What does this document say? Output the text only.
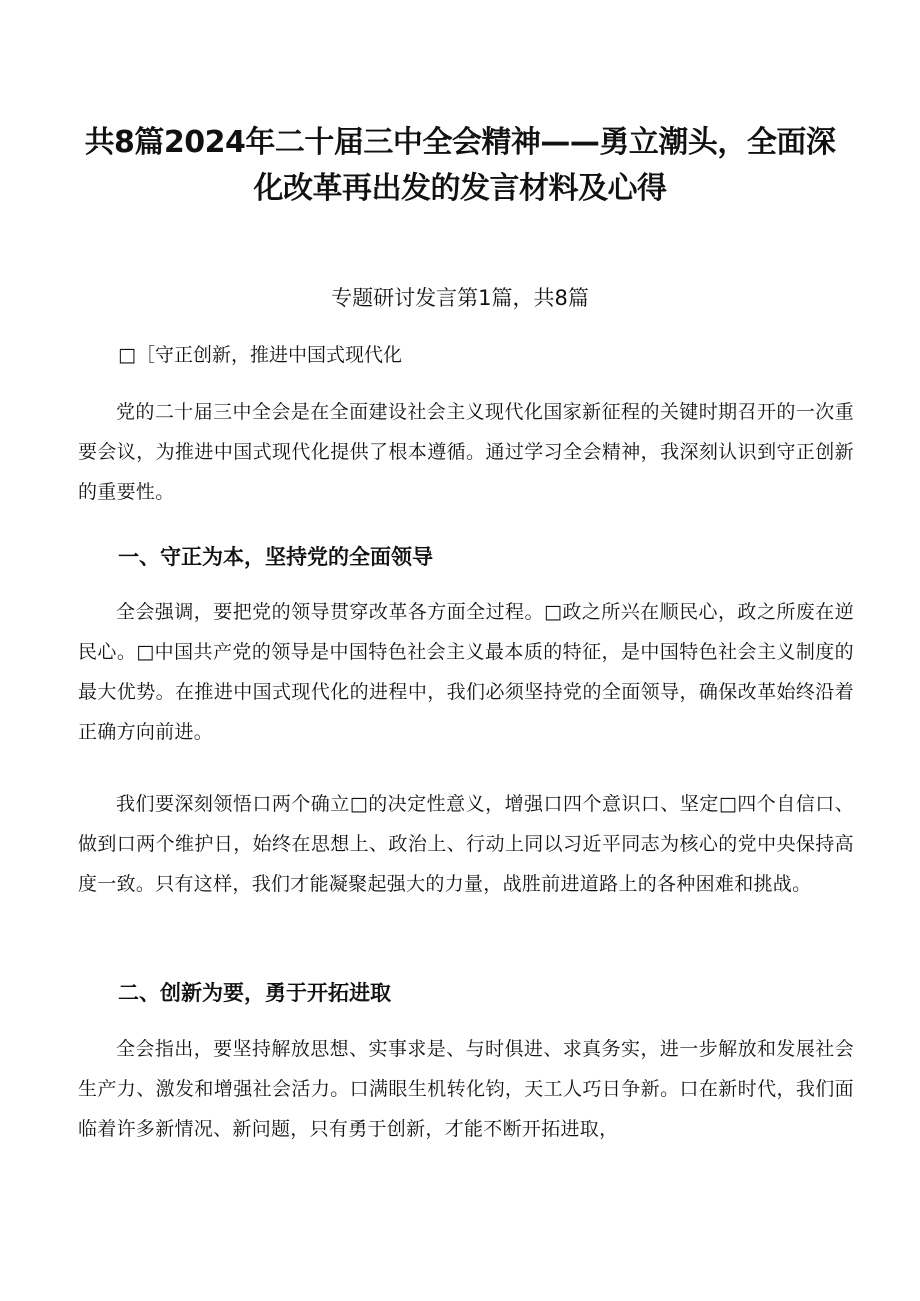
共8篇2024年二十届三中全会精神——勇立潮头，全面深化改革再出发的发言材料及心得

专题研讨发言第1篇，共8篇

□［守正创新，推进中国式现代化

党的二十届三中全会是在全面建设社会主义现代化国家新征程的关键时期召开的一次重要会议，为推进中国式现代化提供了根本遵循。通过学习全会精神，我深刻认识到守正创新的重要性。

一、守正为本，坚持党的全面领导

全会强调，要把党的领导贯穿改革各方面全过程。□政之所兴在顺民心，政之所废在逆民心。□中国共产党的领导是中国特色社会主义最本质的特征，是中国特色社会主义制度的最大优势。在推进中国式现代化的进程中，我们必须坚持党的全面领导，确保改革始终沿着正确方向前进。

我们要深刻领悟口两个确立□的决定性意义，增强口四个意识口、坚定□四个自信口、做到口两个维护日，始终在思想上、政治上、行动上同以习近平同志为核心的党中央保持高度一致。只有这样，我们才能凝聚起强大的力量，战胜前进道路上的各种困难和挑战。

二、创新为要，勇于开拓进取

全会指出，要坚持解放思想、实事求是、与时俱进、求真务实，进一步解放和发展社会生产力、激发和增强社会活力。口满眼生机转化钧，天工人巧日争新。口在新时代，我们面临着许多新情况、新问题，只有勇于创新，才能不断开拓进取，
